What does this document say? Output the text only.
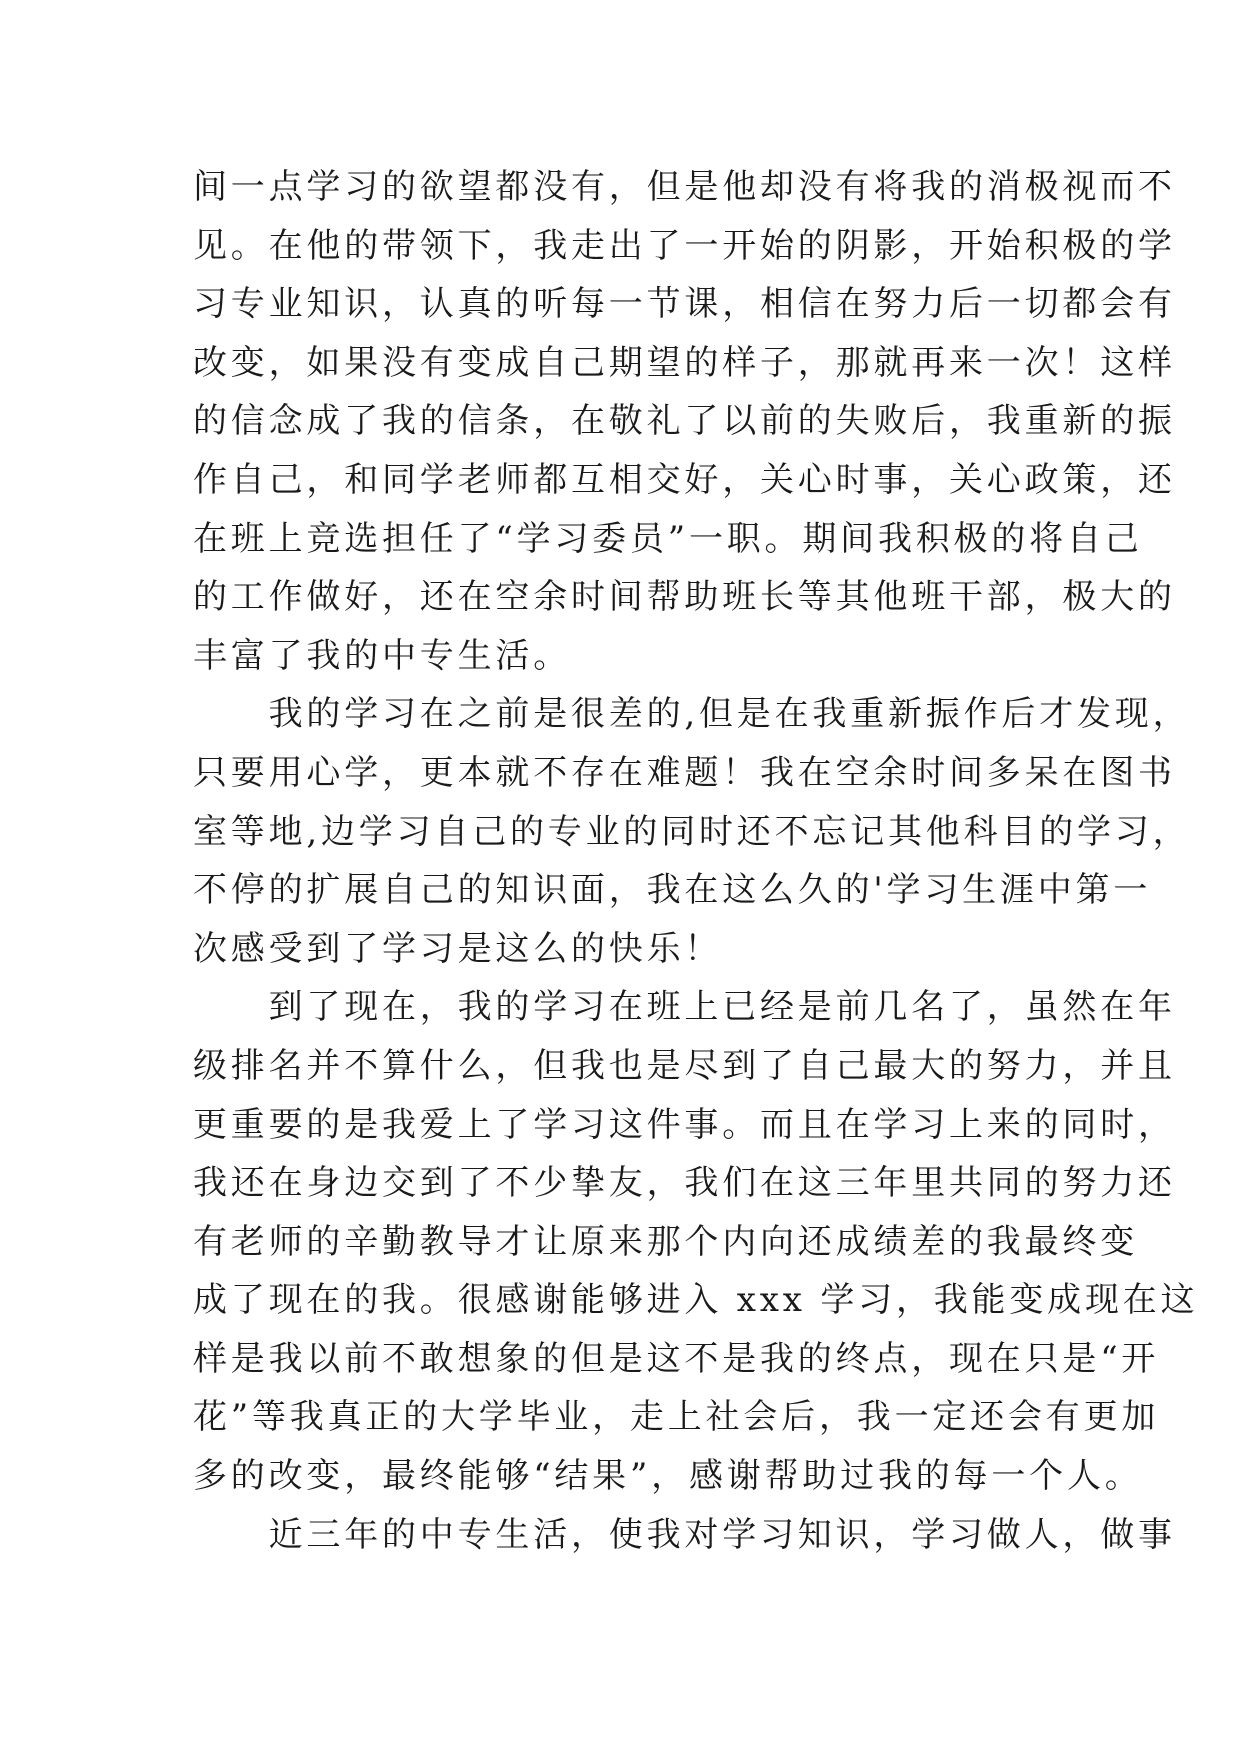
间一点学习的欲望都没有，但是他却没有将我的消极视而不
见。在他的带领下，我走出了一开始的阴影，开始积极的学
习专业知识，认真的听每一节课，相信在努力后一切都会有
改变，如果没有变成自己期望的样子，那就再来一次！这样
的信念成了我的信条，在敬礼了以前的失败后，我重新的振
作自己，和同学老师都互相交好，关心时事，关心政策，还
在班上竞选担任了“学习委员”一职。期间我积极的将自己
的工作做好，还在空余时间帮助班长等其他班干部，极大的
丰富了我的中专生活。
　　我的学习在之前是很差的,但是在我重新振作后才发现，
只要用心学，更本就不存在难题！我在空余时间多呆在图书
室等地,边学习自己的专业的同时还不忘记其他科目的学习，
不停的扩展自己的知识面，我在这么久的'学习生涯中第一
次感受到了学习是这么的快乐！
　　到了现在，我的学习在班上已经是前几名了，虽然在年
级排名并不算什么，但我也是尽到了自己最大的努力，并且
更重要的是我爱上了学习这件事。而且在学习上来的同时，
我还在身边交到了不少挚友，我们在这三年里共同的努力还
有老师的辛勤教导才让原来那个内向还成绩差的我最终变
成了现在的我。很感谢能够进入 xxx 学习，我能变成现在这
样是我以前不敢想象的但是这不是我的终点，现在只是“开
花”等我真正的大学毕业，走上社会后，我一定还会有更加
多的改变，最终能够“结果”，感谢帮助过我的每一个人。
　　近三年的中专生活，使我对学习知识，学习做人，做事
